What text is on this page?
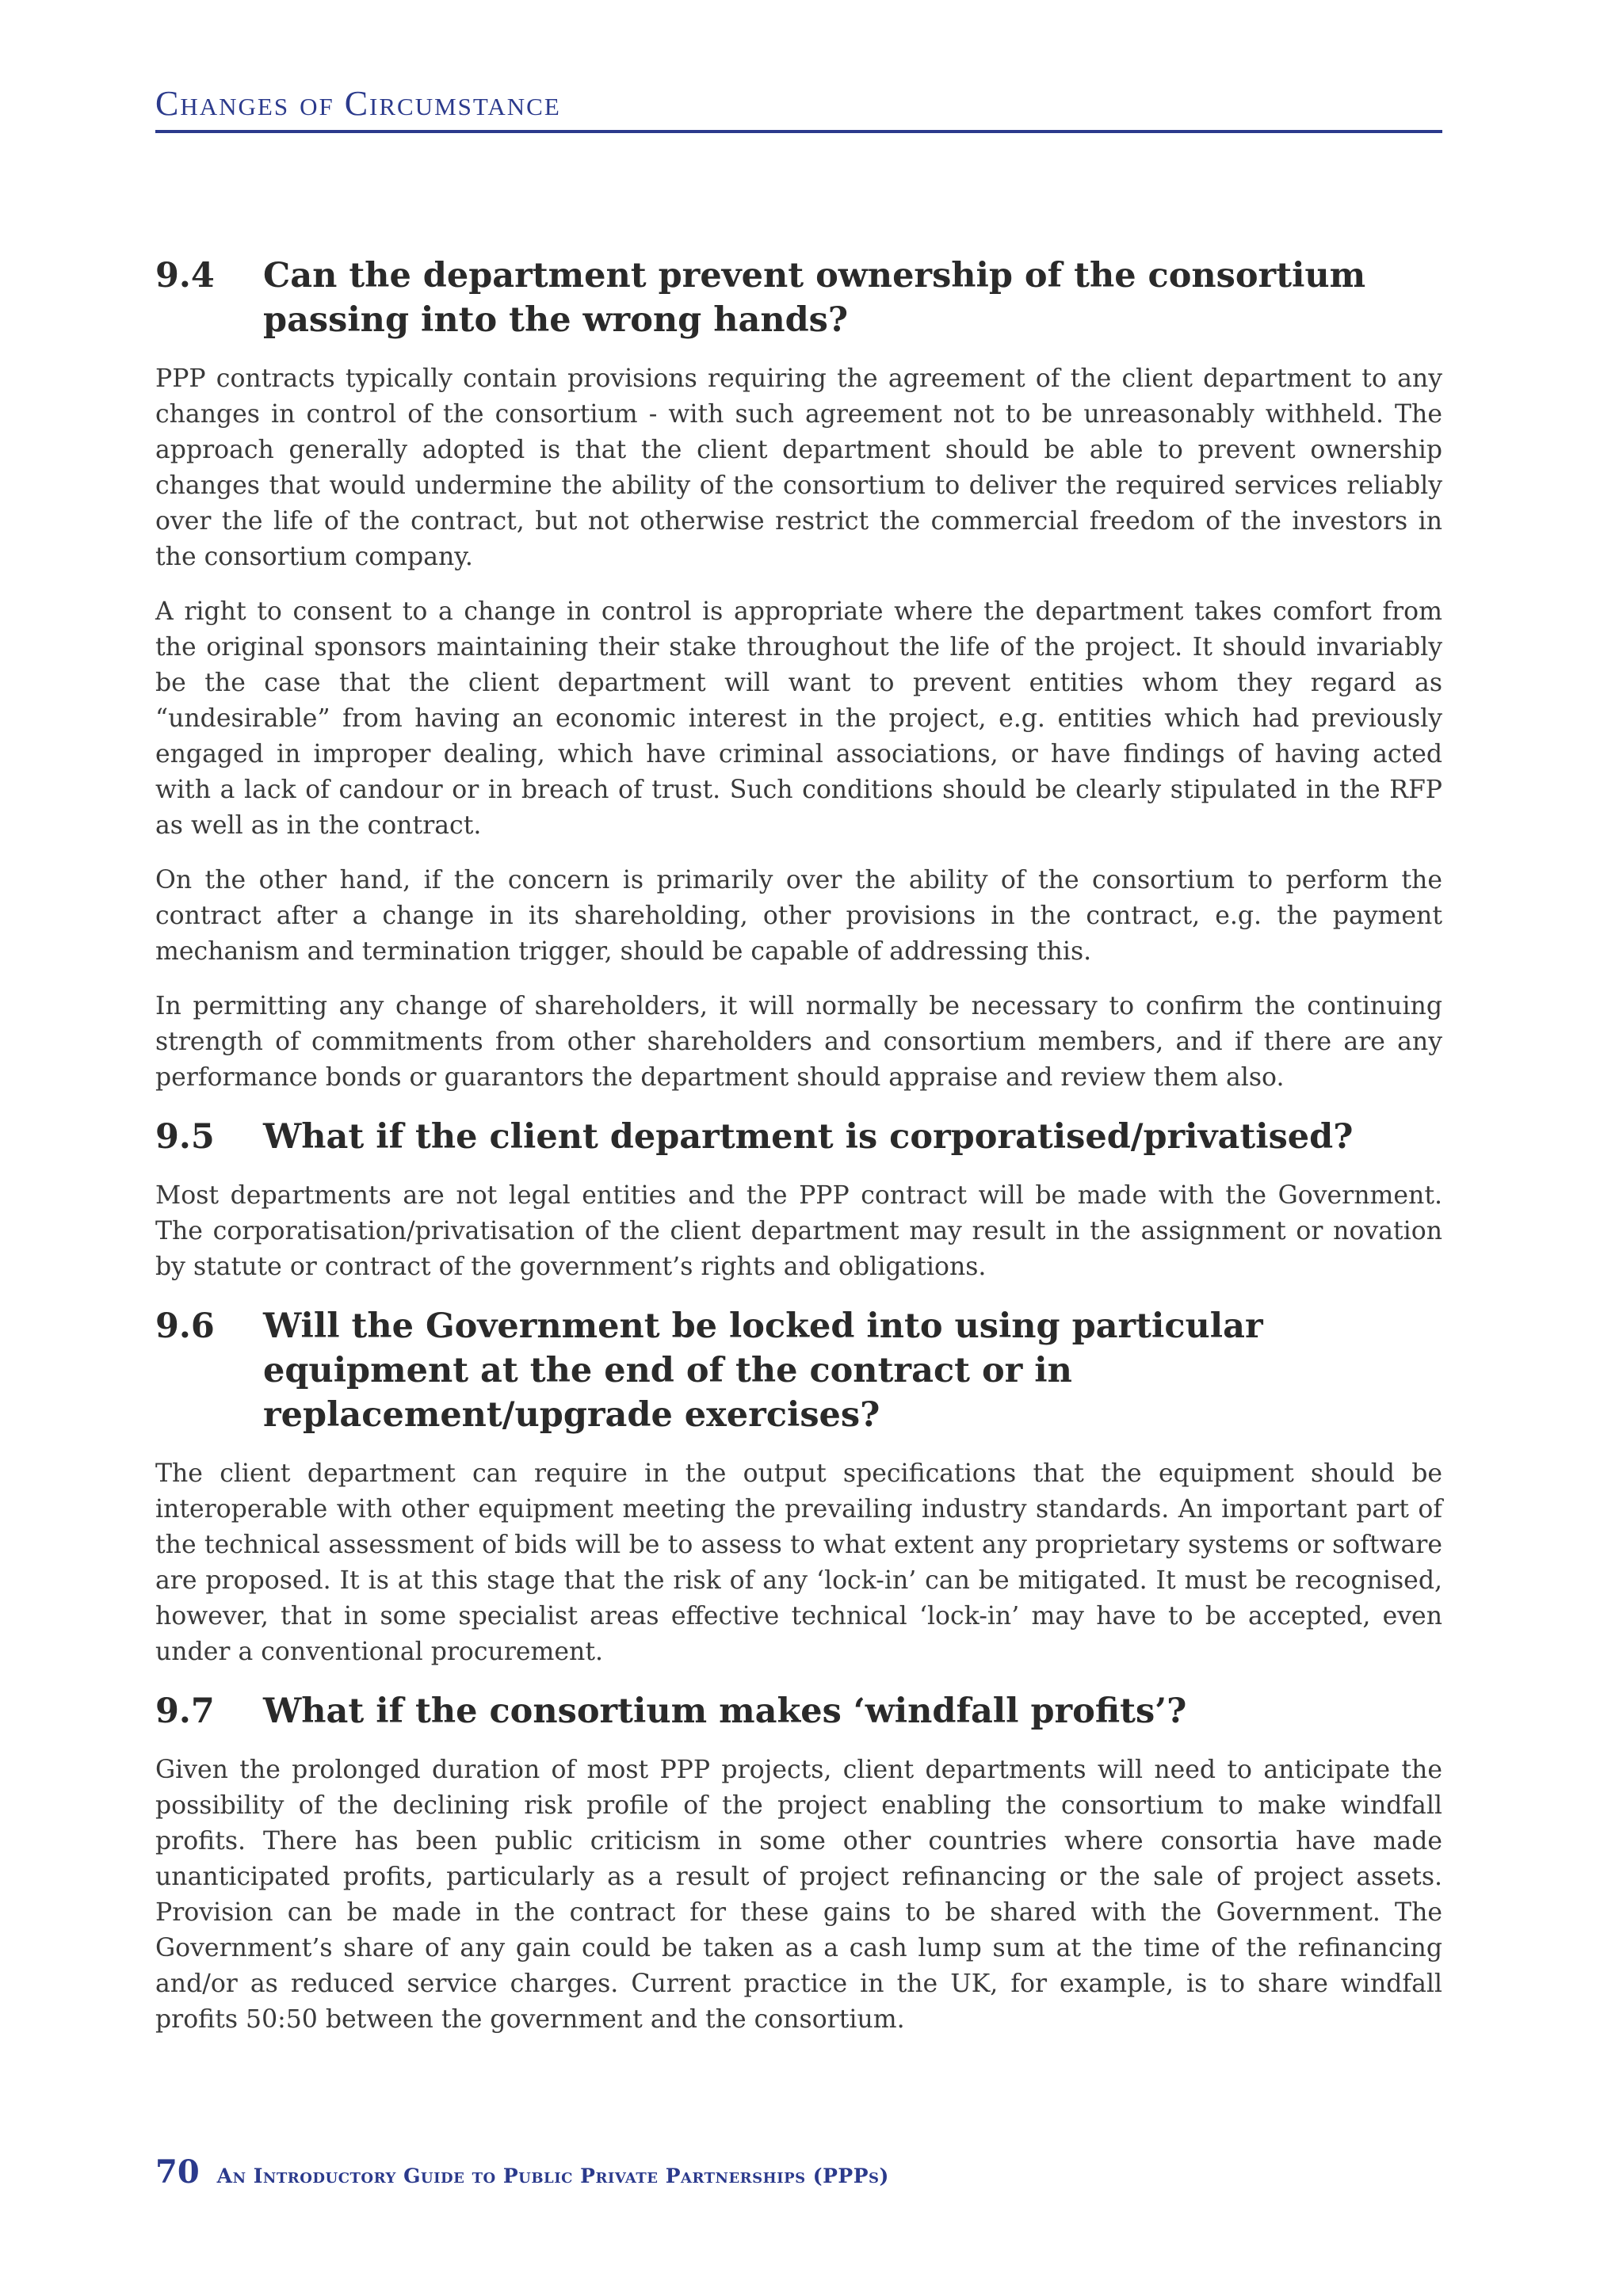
Changes of Circumstance
9.4	Can the department prevent ownership of the consortium passing into the wrong hands?

PPP contracts typically contain provisions requiring the agreement of the client department to any changes in control of the consortium - with such agreement not to be unreasonably withheld. The approach generally adopted is that the client department should be able to prevent ownership changes that would undermine the ability of the consortium to deliver the required services reliably over the life of the contract, but not otherwise restrict the commercial freedom of the investors in the consortium company.

A right to consent to a change in control is appropriate where the department takes comfort from the original sponsors maintaining their stake throughout the life of the project. It should invariably be the case that the client department will want to prevent entities whom they regard as “undesirable” from having an economic interest in the project, e.g. entities which had previously engaged in improper dealing, which have criminal associations, or have findings of having acted with a lack of candour or in breach of trust. Such conditions should be clearly stipulated in the RFP as well as in the contract.

On the other hand, if the concern is primarily over the ability of the consortium to perform the contract after a change in its shareholding, other provisions in the contract, e.g. the payment mechanism and termination trigger, should be capable of addressing this.

In permitting any change of shareholders, it will normally be necessary to confirm the continuing strength of commitments from other shareholders and consortium members, and if there are any performance bonds or guarantors the department should appraise and review them also.

9.5	What if the client department is corporatised/privatised?

Most departments are not legal entities and the PPP contract will be made with the Government. The corporatisation/privatisation of the client department may result in the assignment or novation by statute or contract of the government’s rights and obligations.

9.6	Will the Government be locked into using particular equipment at the end of the contract or in replacement/upgrade exercises?

The client department can require in the output specifications that the equipment should be interoperable with other equipment meeting the prevailing industry standards. An important part of the technical assessment of bids will be to assess to what extent any proprietary systems or software are proposed. It is at this stage that the risk of any ‘lock-in’ can be mitigated. It must be recognised, however, that in some specialist areas effective technical ‘lock-in’ may have to be accepted, even under a conventional procurement.

9.7	What if the consortium makes ‘windfall profits’?

Given the prolonged duration of most PPP projects, client departments will need to anticipate the possibility of the declining risk profile of the project enabling the consortium to make windfall profits. There has been public criticism in some other countries where consortia have made unanticipated profits, particularly as a result of project refinancing or the sale of project assets. Provision can be made in the contract for these gains to be shared with the Government. The Government’s share of any gain could be taken as a cash lump sum at the time of the refinancing and/or as reduced service charges. Current practice in the UK, for example, is to share windfall profits 50:50 between the government and the consortium.

70 An Introductory Guide to Public Private Partnerships (PPPs)
